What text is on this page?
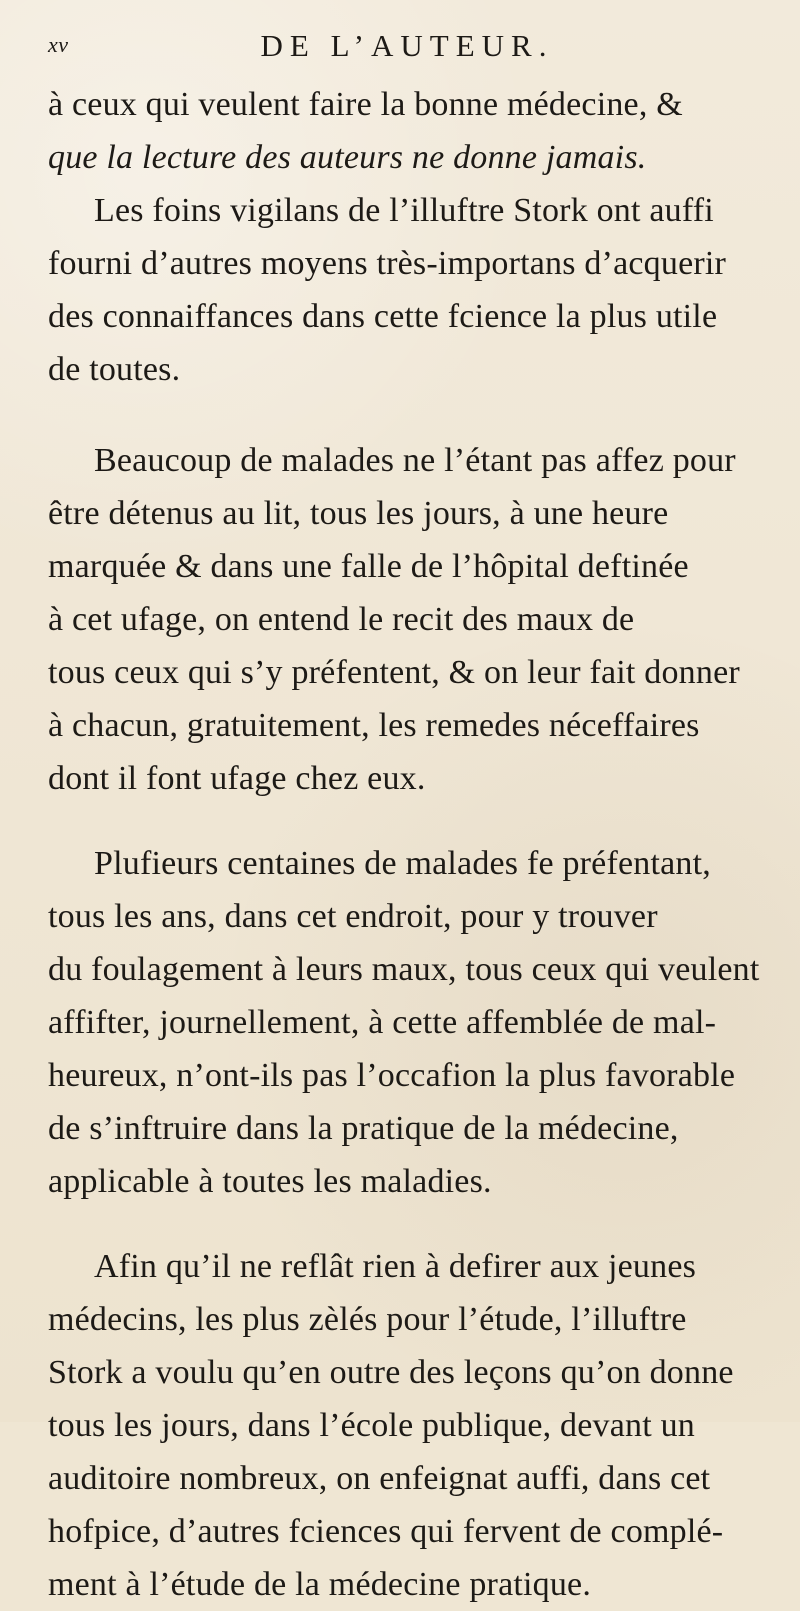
xv	DE L’AUTEUR.
à ceux qui veulent faire la bonne médecine, &
que la lecture des auteurs ne donne jamais.
Les foins vigilans de l’illuftre Stork ont auffi
fourni d’autres moyens très-importans d’acquerir
des connaiffances dans cette fcience la plus utile
de toutes.
Beaucoup de malades ne l’étant pas affez pour
être détenus au lit, tous les jours, à une heure
marquée & dans une falle de l’hôpital deftinée
à cet ufage, on entend le recit des maux de
tous ceux qui s’y préfentent, & on leur fait donner
à chacun, gratuitement, les remedes néceffaires
dont il font ufage chez eux.
Plufieurs centaines de malades fe préfentant,
tous les ans, dans cet endroit, pour y trouver
du foulagement à leurs maux, tous ceux qui veulent
affifter, journellement, à cette affemblée de mal-
heureux, n’ont-ils pas l’occafion la plus favorable
de s’inftruire dans la pratique de la médecine,
applicable à toutes les maladies.
Afin qu’il ne reflât rien à defirer aux jeunes
médecins, les plus zèlés pour l’étude, l’illuftre
Stork a voulu qu’en outre des leçons qu’on donne
tous les jours, dans l’école publique, devant un
auditoire nombreux, on enfeignat auffi, dans cet
hofpice, d’autres fciences qui fervent de complé-
ment à l’étude de la médecine pratique.
